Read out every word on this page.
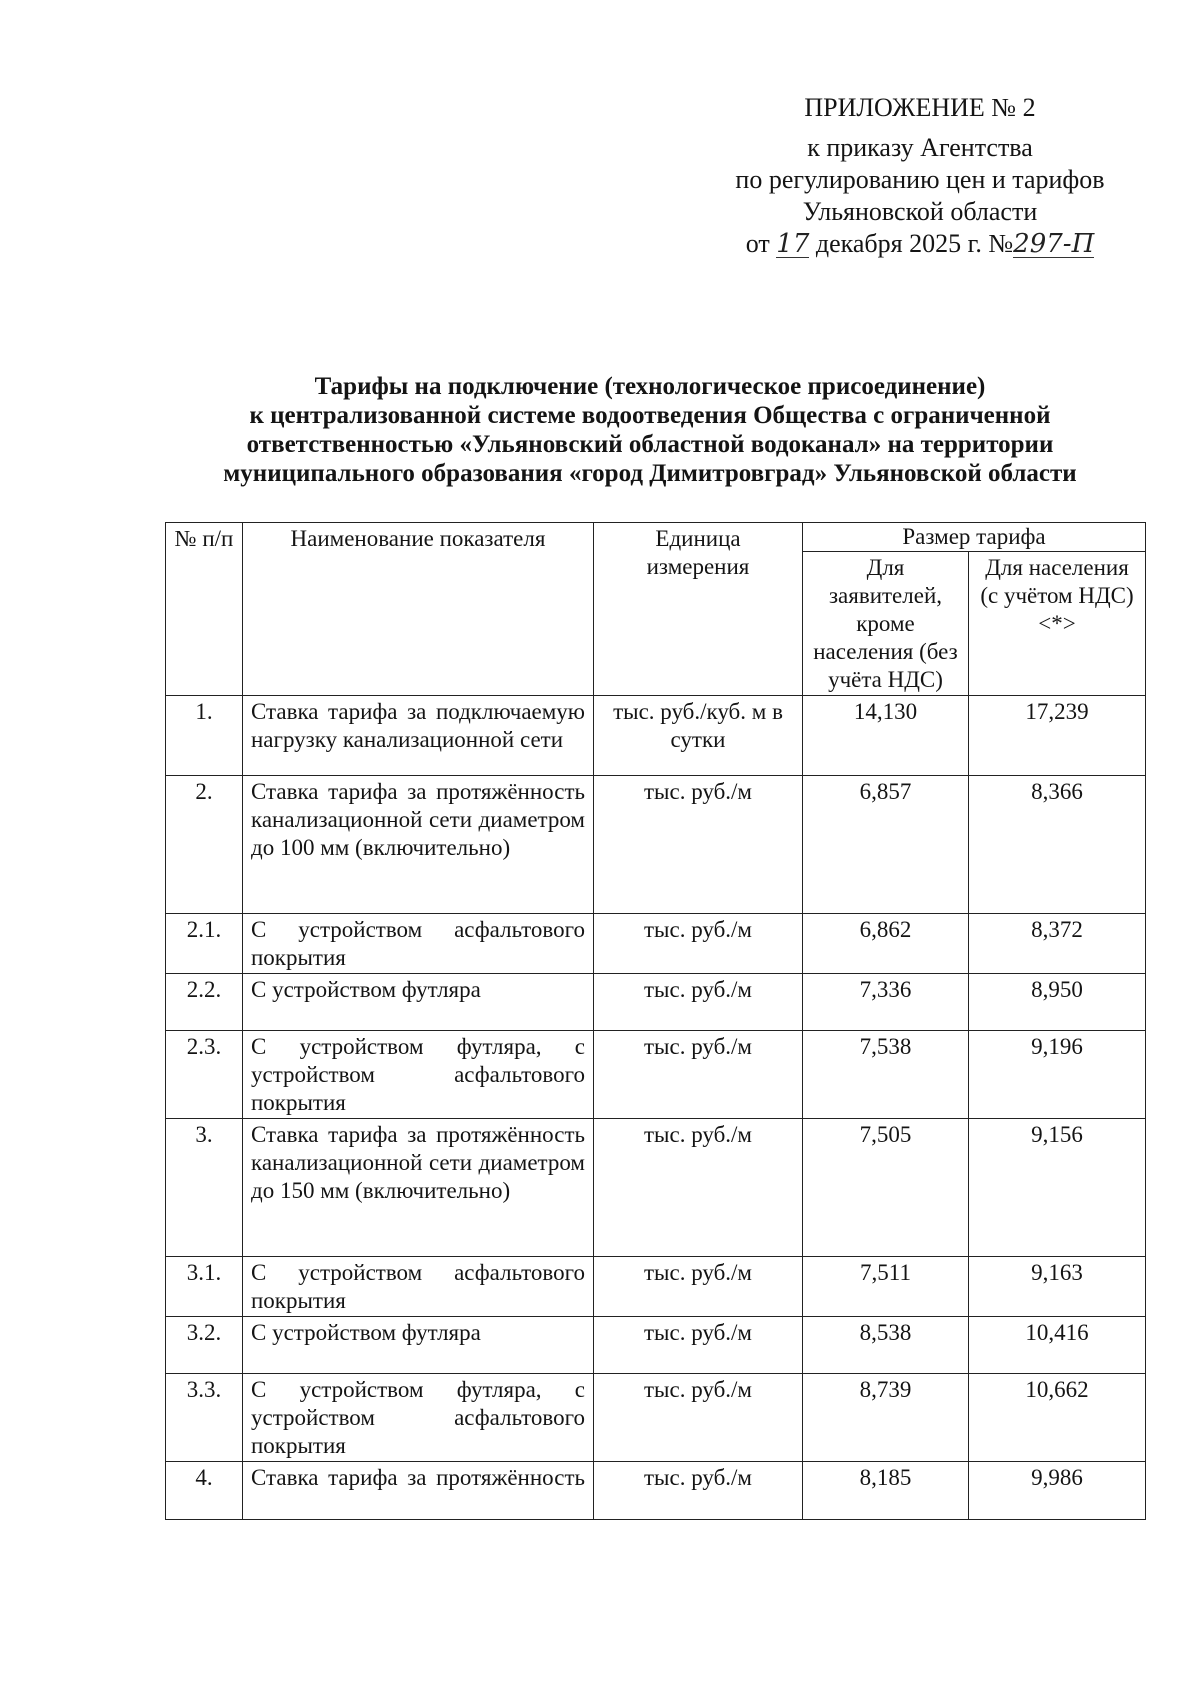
ПРИЛОЖЕНИЕ № 2
к приказу Агентства
по регулированию цен и тарифов
Ульяновской области
от 17 декабря 2025 г. №297-П
Тарифы на подключение (технологическое присоединение)
к централизованной системе водоотведения Общества с ограниченной
ответственностью «Ульяновский областной водоканал» на территории
муниципального образования «город Димитровград» Ульяновской области
№ п/п	Наименование показателя	Единица измерения	Размер тарифа	
			Для заявителей, кроме населения (без учёта НДС)	Для населения (с учётом НДС) <*>
1.	Ставка тарифа за подключаемую нагрузку канализационной сети	тыс. руб./куб. м в сутки	14,130	17,239
2.	Ставка тарифа за протяжённость канализационной сети диаметром до 100 мм (включительно)	тыс. руб./м	6,857	8,366
2.1.	С устройством асфальтового покрытия	тыс. руб./м	6,862	8,372
2.2.	С устройством футляра	тыс. руб./м	7,336	8,950
2.3.	С устройством футляра, с устройством асфальтового покрытия	тыс. руб./м	7,538	9,196
3.	Ставка тарифа за протяжённость канализационной сети диаметром до 150 мм (включительно)	тыс. руб./м	7,505	9,156
3.1.	С устройством асфальтового покрытия	тыс. руб./м	7,511	9,163
3.2.	С устройством футляра	тыс. руб./м	8,538	10,416
3.3.	С устройством футляра, с устройством асфальтового покрытия	тыс. руб./м	8,739	10,662
4.	Ставка тарифа за протяжённость	тыс. руб./м	8,185	9,986
